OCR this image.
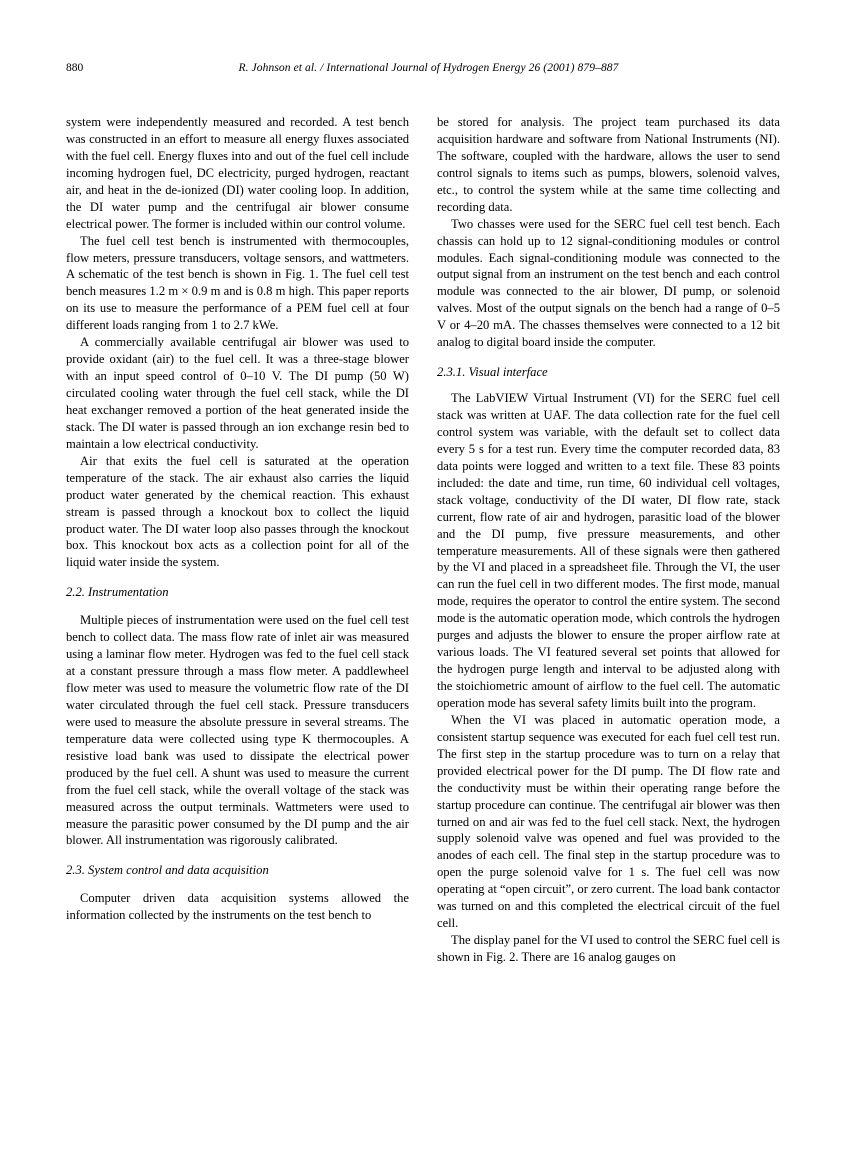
880	R. Johnson et al. / International Journal of Hydrogen Energy 26 (2001) 879–887

system were independently measured and recorded. A test bench was constructed in an effort to measure all energy fluxes associated with the fuel cell. Energy fluxes into and out of the fuel cell include incoming hydrogen fuel, DC electricity, purged hydrogen, reactant air, and heat in the de-ionized (DI) water cooling loop. In addition, the DI water pump and the centrifugal air blower consume electrical power. The former is included within our control volume.

The fuel cell test bench is instrumented with thermocouples, flow meters, pressure transducers, voltage sensors, and wattmeters. A schematic of the test bench is shown in Fig. 1. The fuel cell test bench measures 1.2 m × 0.9 m and is 0.8 m high. This paper reports on its use to measure the performance of a PEM fuel cell at four different loads ranging from 1 to 2.7 kWe.

A commercially available centrifugal air blower was used to provide oxidant (air) to the fuel cell. It was a three-stage blower with an input speed control of 0–10 V. The DI pump (50 W) circulated cooling water through the fuel cell stack, while the DI heat exchanger removed a portion of the heat generated inside the stack. The DI water is passed through an ion exchange resin bed to maintain a low electrical conductivity.

Air that exits the fuel cell is saturated at the operation temperature of the stack. The air exhaust also carries the liquid product water generated by the chemical reaction. This exhaust stream is passed through a knockout box to collect the liquid product water. The DI water loop also passes through the knockout box. This knockout box acts as a collection point for all of the liquid water inside the system.

2.2. Instrumentation

Multiple pieces of instrumentation were used on the fuel cell test bench to collect data. The mass flow rate of inlet air was measured using a laminar flow meter. Hydrogen was fed to the fuel cell stack at a constant pressure through a mass flow meter. A paddlewheel flow meter was used to measure the volumetric flow rate of the DI water circulated through the fuel cell stack. Pressure transducers were used to measure the absolute pressure in several streams. The temperature data were collected using type K thermocouples. A resistive load bank was used to dissipate the electrical power produced by the fuel cell. A shunt was used to measure the current from the fuel cell stack, while the overall voltage of the stack was measured across the output terminals. Wattmeters were used to measure the parasitic power consumed by the DI pump and the air blower. All instrumentation was rigorously calibrated.

2.3. System control and data acquisition

Computer driven data acquisition systems allowed the information collected by the instruments on the test bench to

be stored for analysis. The project team purchased its data acquisition hardware and software from National Instruments (NI). The software, coupled with the hardware, allows the user to send control signals to items such as pumps, blowers, solenoid valves, etc., to control the system while at the same time collecting and recording data.

Two chasses were used for the SERC fuel cell test bench. Each chassis can hold up to 12 signal-conditioning modules or control modules. Each signal-conditioning module was connected to the output signal from an instrument on the test bench and each control module was connected to the air blower, DI pump, or solenoid valves. Most of the output signals on the bench had a range of 0–5 V or 4–20 mA. The chasses themselves were connected to a 12 bit analog to digital board inside the computer.

2.3.1. Visual interface

The LabVIEW Virtual Instrument (VI) for the SERC fuel cell stack was written at UAF. The data collection rate for the fuel cell control system was variable, with the default set to collect data every 5 s for a test run. Every time the computer recorded data, 83 data points were logged and written to a text file. These 83 points included: the date and time, run time, 60 individual cell voltages, stack voltage, conductivity of the DI water, DI flow rate, stack current, flow rate of air and hydrogen, parasitic load of the blower and the DI pump, five pressure measurements, and other temperature measurements. All of these signals were then gathered by the VI and placed in a spreadsheet file. Through the VI, the user can run the fuel cell in two different modes. The first mode, manual mode, requires the operator to control the entire system. The second mode is the automatic operation mode, which controls the hydrogen purges and adjusts the blower to ensure the proper airflow rate at various loads. The VI featured several set points that allowed for the hydrogen purge length and interval to be adjusted along with the stoichiometric amount of airflow to the fuel cell. The automatic operation mode has several safety limits built into the program.

When the VI was placed in automatic operation mode, a consistent startup sequence was executed for each fuel cell test run. The first step in the startup procedure was to turn on a relay that provided electrical power for the DI pump. The DI flow rate and the conductivity must be within their operating range before the startup procedure can continue. The centrifugal air blower was then turned on and air was fed to the fuel cell stack. Next, the hydrogen supply solenoid valve was opened and fuel was provided to the anodes of each cell. The final step in the startup procedure was to open the purge solenoid valve for 1 s. The fuel cell was now operating at “open circuit”, or zero current. The load bank contactor was turned on and this completed the electrical circuit of the fuel cell.

The display panel for the VI used to control the SERC fuel cell is shown in Fig. 2. There are 16 analog gauges on
